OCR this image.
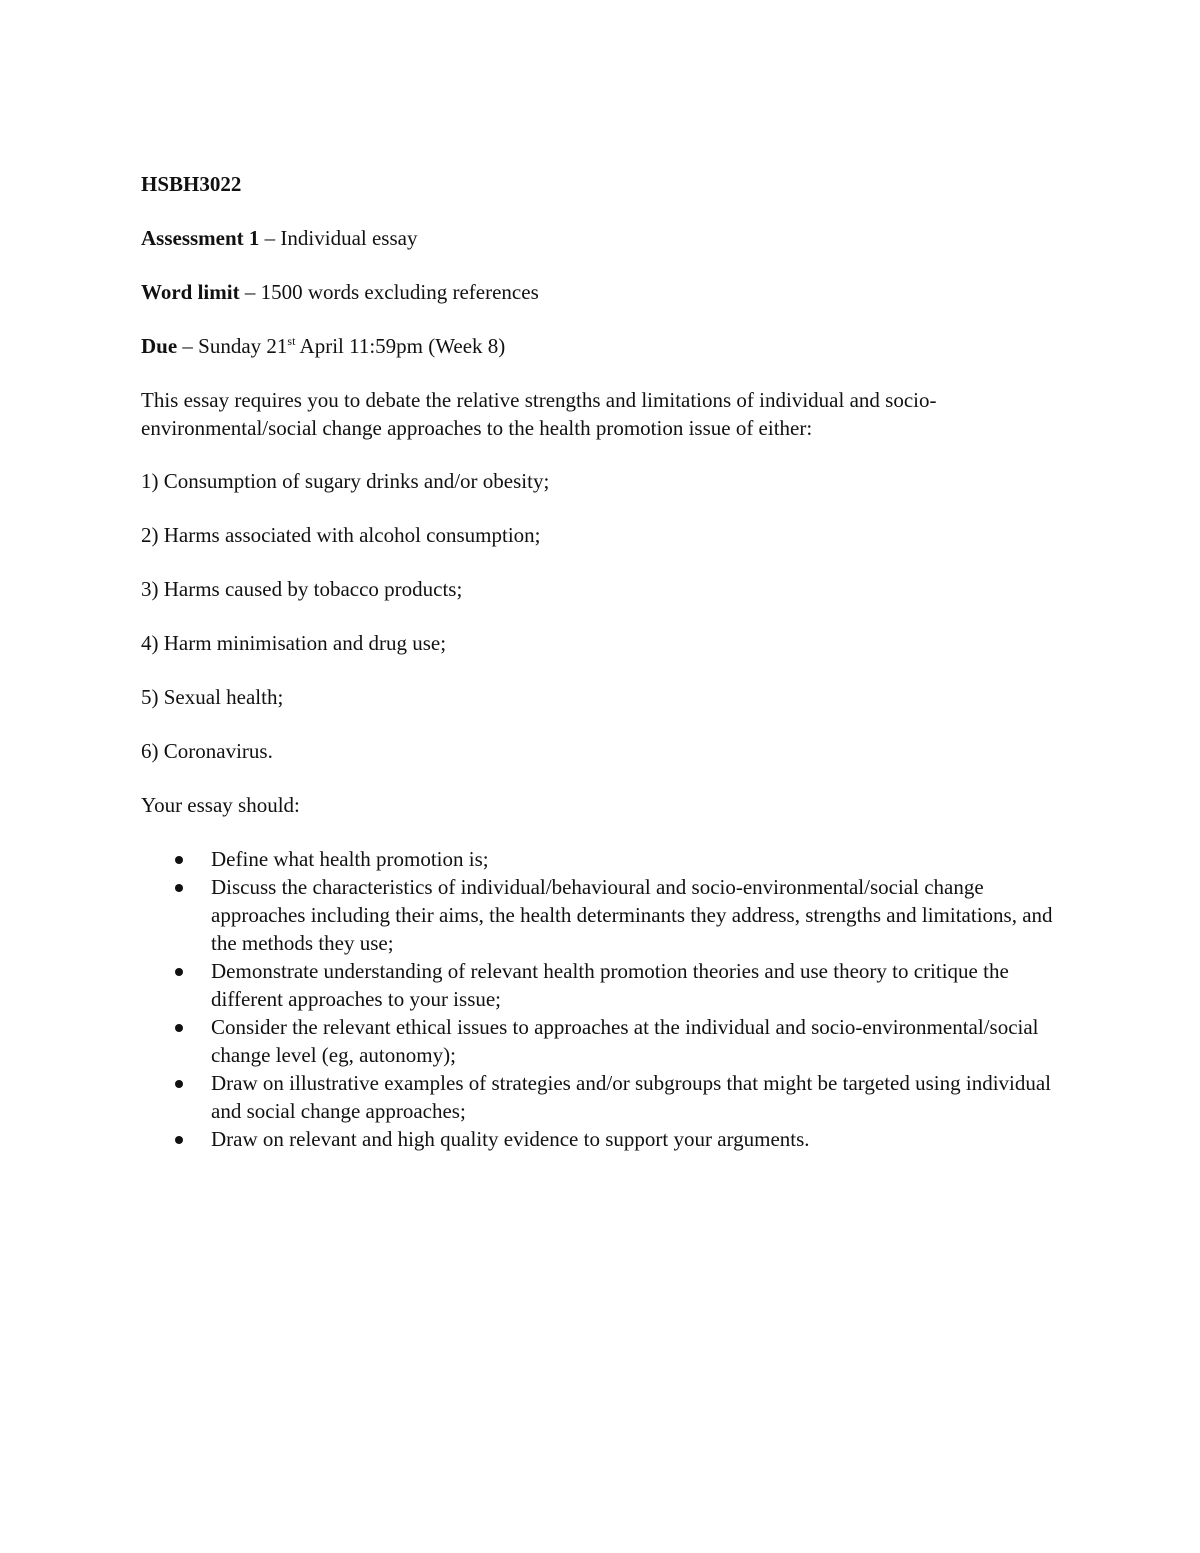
HSBH3022

Assessment 1 – Individual essay

Word limit – 1500 words excluding references

Due – Sunday 21st April 11:59pm (Week 8)

This essay requires you to debate the relative strengths and limitations of individual and socio-environmental/social change approaches to the health promotion issue of either:

1) Consumption of sugary drinks and/or obesity;

2) Harms associated with alcohol consumption;

3) Harms caused by tobacco products;

4) Harm minimisation and drug use;

5) Sexual health;

6) Coronavirus.

Your essay should:

Define what health promotion is;
Discuss the characteristics of individual/behavioural and socio-environmental/social change approaches including their aims, the health determinants they address, strengths and limitations, and the methods they use;
Demonstrate understanding of relevant health promotion theories and use theory to critique the different approaches to your issue;
Consider the relevant ethical issues to approaches at the individual and socio-environmental/social change level (eg, autonomy);
Draw on illustrative examples of strategies and/or subgroups that might be targeted using individual and social change approaches;
Draw on relevant and high quality evidence to support your arguments.
